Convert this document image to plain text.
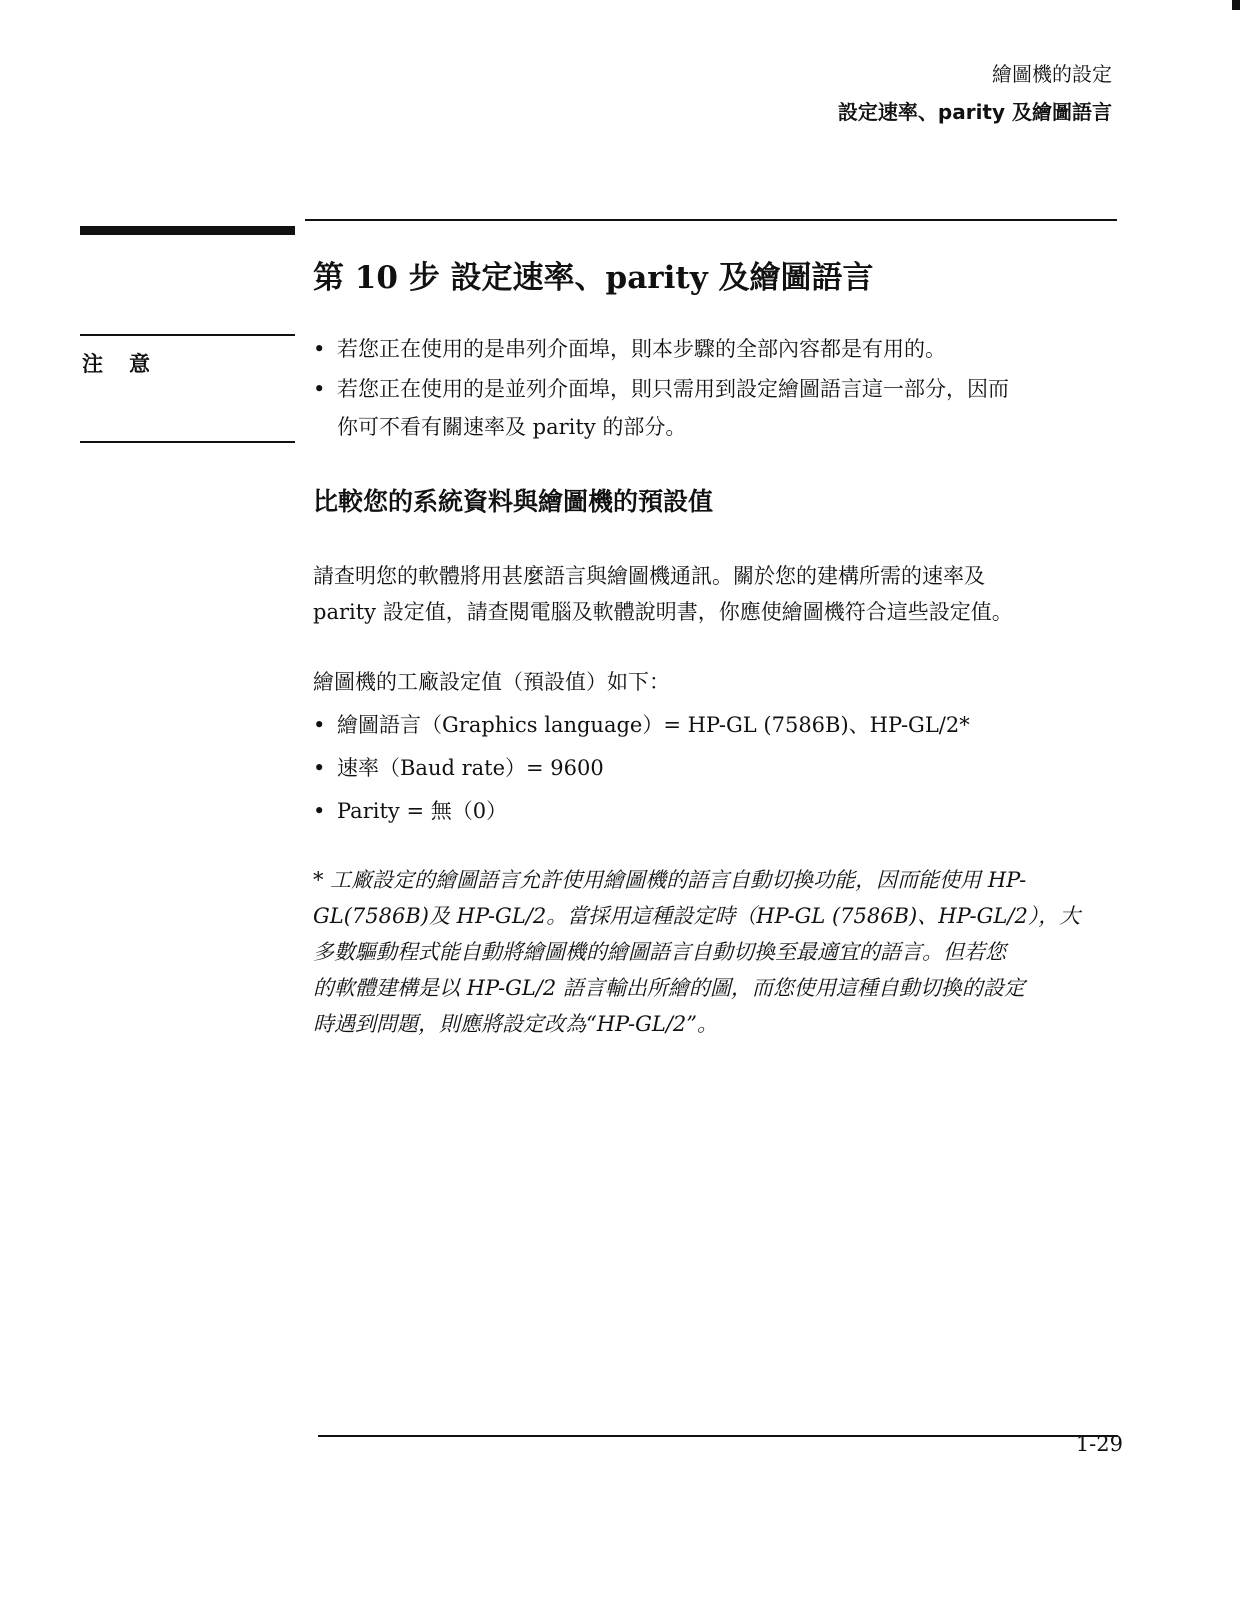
繪圖機的設定
設定速率、parity 及繪圖語言
第 10 步 設定速率、parity 及繪圖語言
注意
• 若您正在使用的是串列介面埠，則本步驟的全部內容都是有用的。
• 若您正在使用的是並列介面埠，則只需用到設定繪圖語言這一部分，因而
你可不看有關速率及 parity 的部分。
比較您的系統資料與繪圖機的預設值
請查明您的軟體將用甚麼語言與繪圖機通訊。關於您的建構所需的速率及
parity 設定值，請查閱電腦及軟體說明書，你應使繪圖機符合這些設定值。
繪圖機的工廠設定值（預設值）如下：
• 繪圖語言（Graphics language）= HP-GL (7586B)、HP-GL/2*
• 速率（Baud rate）= 9600
• Parity = 無（0）
* 工廠設定的繪圖語言允許使用繪圖機的語言自動切換功能，因而能使用 HP-
GL(7586B)及 HP-GL/2。當採用這種設定時（HP-GL (7586B)、HP-GL/2），大
多數驅動程式能自動將繪圖機的繪圖語言自動切換至最適宜的語言。但若您
的軟體建構是以 HP-GL/2 語言輸出所繪的圖，而您使用這種自動切換的設定
時遇到問題，則應將設定改為“HP-GL/2”。
1-29
